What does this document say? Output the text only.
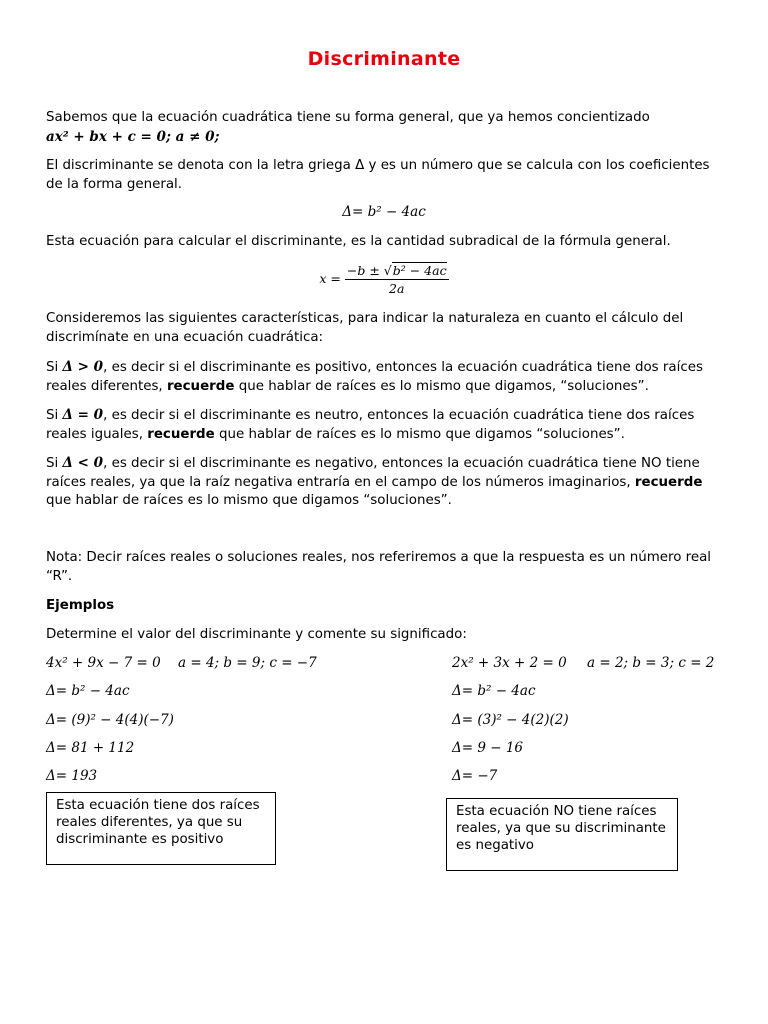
Discriminante
Sabemos que la ecuación cuadrática tiene su forma general, que ya hemos concientizado
ax² + bx + c = 0; a ≠ 0;
El discriminante se denota con la letra griega Δ y es un número que se calcula con los coeficientes de la forma general.
Δ= b² − 4ac
Esta ecuación para calcular el discriminante, es la cantidad subradical de la fórmula general.
$x = \frac{\text{−b ± √b² − 4ac}}{2a}$
Consideremos las siguientes características, para indicar la naturaleza en cuanto el cálculo del discrimínate en una ecuación cuadrática:
Si Δ > 0, es decir si el discriminante es positivo, entonces la ecuación cuadrática tiene dos raíces reales diferentes, recuerde que hablar de raíces es lo mismo que digamos, “soluciones”.
Si Δ = 0, es decir si el discriminante es neutro, entonces la ecuación cuadrática tiene dos raíces reales iguales, recuerde que hablar de raíces es lo mismo que digamos “soluciones”.
Si Δ < 0, es decir si el discriminante es negativo, entonces la ecuación cuadrática tiene NO tiene raíces reales, ya que la raíz negativa entraría en el campo de los números imaginarios, recuerde que hablar de raíces es lo mismo que digamos “soluciones”.
Nota: Decir raíces reales o soluciones reales, nos referiremos a que la respuesta es un número real “R”.
Ejemplos
Determine el valor del discriminante y comente su significado:
4x² + 9x − 7 = 0 a = 4; b = 9; c = −7
Δ= b² − 4ac
Δ= (9)² − 4(4)(−7)
Δ= 81 + 112
Δ= 193
Esta ecuación tiene dos raíces reales diferentes, ya que su discriminante es positivo
2x² + 3x + 2 = 0 a = 2; b = 3; c = 2
Δ= b² − 4ac
Δ= (3)² − 4(2)(2)
Δ= 9 − 16
Δ= −7
Esta ecuación NO tiene raíces reales, ya que su discriminante es negativo
